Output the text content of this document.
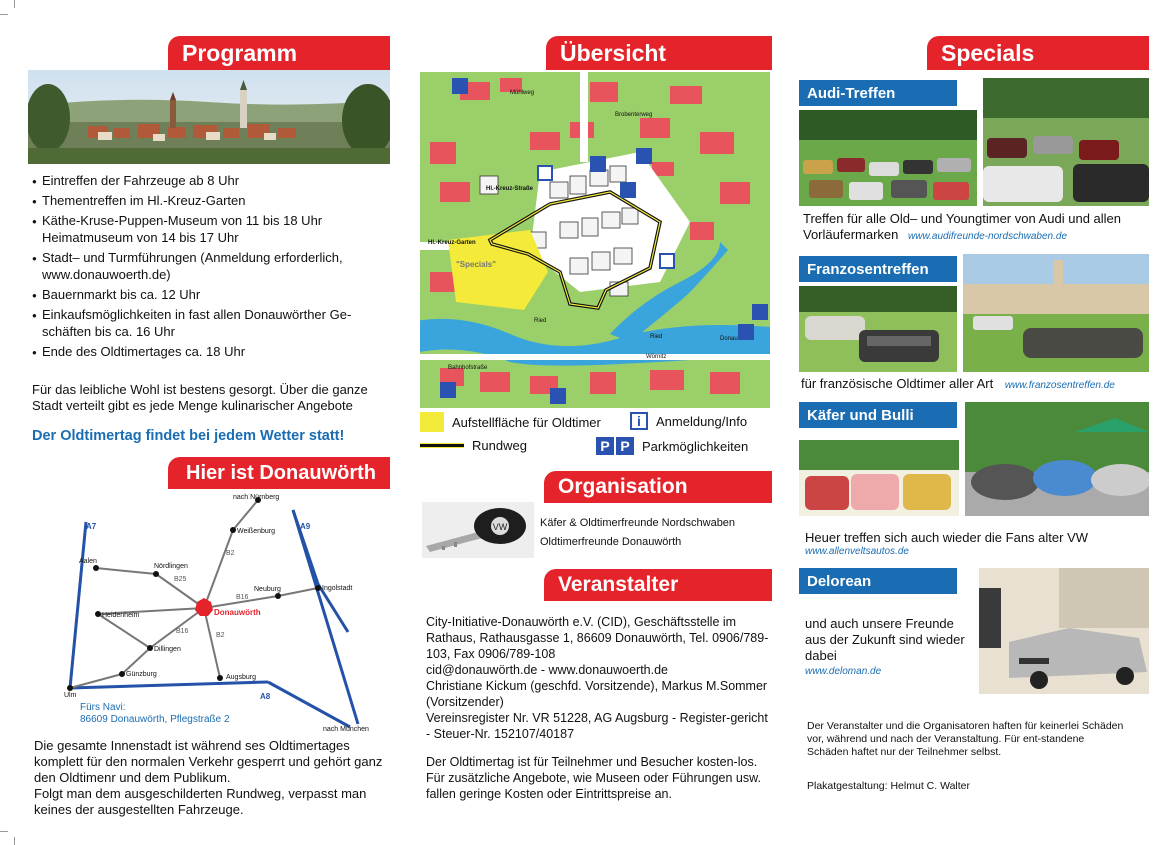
Programm
● Eintreffen der Fahrzeuge ab 8 Uhr
● Thementreffen im Hl.-Kreuz-Garten
● Käthe-Kruse-Puppen-Museum von 11 bis 18 Uhr
Heimatmuseum von 14 bis 17 Uhr
● Stadt– und Turmführungen (Anmeldung erforderlich,
www.donauwoerth.de)
● Bauernmarkt bis ca. 12 Uhr
● Einkaufsmöglichkeiten in fast allen Donauwörther Ge-
schäften bis ca. 16 Uhr
● Ende des Oldtimertages ca. 18 Uhr
Für das leibliche Wohl ist bestens gesorgt. Über die ganze Stadt verteilt gibt es jede Menge kulinarischer Angebote
Der Oldtimertag findet bei jedem Wetter statt!
Hier ist Donauwörth
nach Nürnberg
A7	A9
A8
Weißenburg
B2
B2
Aalen
Nördlingen
B25
Neuburg
B16
B16
Ingolstadt
Heidenheim	Donauwörth
Dillingen
Günzburg	Augsburg
Ulm
nach München
Fürs Navi:
86609 Donauwörth, Pflegstraße 2
Die gesamte Innenstadt ist während ses Oldtimertages komplett für den normalen Verkehr gesperrt und gehört ganz den Oldtimenr und dem Publikum.
Folgt man dem ausgeschilderten Rundweg, verpasst man keines der ausgestellten Fahrzeuge.
Übersicht
Mühlweg
Brobenterweg
Hl.-Kreuz-Straße
Hl.-Kreuz-Garten
"Specials"
Ried
Ried
Wörnitz
Bahnhofstraße
Donau
Aufstellfläche für Oldtimer	i	Anmeldung/Info
Rundweg	P P Parkmöglichkeiten
Organisation
VW	Käfer & Oldtimerfreunde Nordschwaben
Oldtimerfreunde Donauwörth
Veranstalter
City-Initiative-Donauwörth e.V. (CID), Geschäftsstelle im Rathaus, Rathausgasse 1, 86609 Donauwörth, Tel. 0906/789-103, Fax 0906/789-108
cid@donauwörth.de - www.donauwoerth.de
Christiane Kickum (geschfd. Vorsitzende), Markus M.Sommer (Vorsitzender)
Vereinsregister Nr. VR 51228, AG Augsburg - Register-gericht - Steuer-Nr. 152107/40187
Der Oldtimertag ist für Teilnehmer und Besucher kosten-los.
Für zusätzliche Angebote, wie Museen oder Führungen usw. fallen geringe Kosten oder Eintrittspreise an.
Specials
Audi-Treffen
Treffen für alle Old– und Youngtimer von Audi und allen Vorläufermarken www.audifreunde-nordschwaben.de
Franzosentreffen
für französische Oldtimer aller Art www.franzosentreffen.de
Käfer und Bulli
Heuer treffen sich auch wieder die Fans alter VW
www.allenveltsautos.de
Delorean
und auch unsere Freunde aus der Zukunft sind wieder dabei
www.deloman.de
Der Veranstalter und die Organisatoren haften für keinerlei Schäden vor, während und nach der Veranstaltung. Für ent-standene Schäden haftet nur der Teilnehmer selbst.
Plakatgestaltung: Helmut C. Walter
